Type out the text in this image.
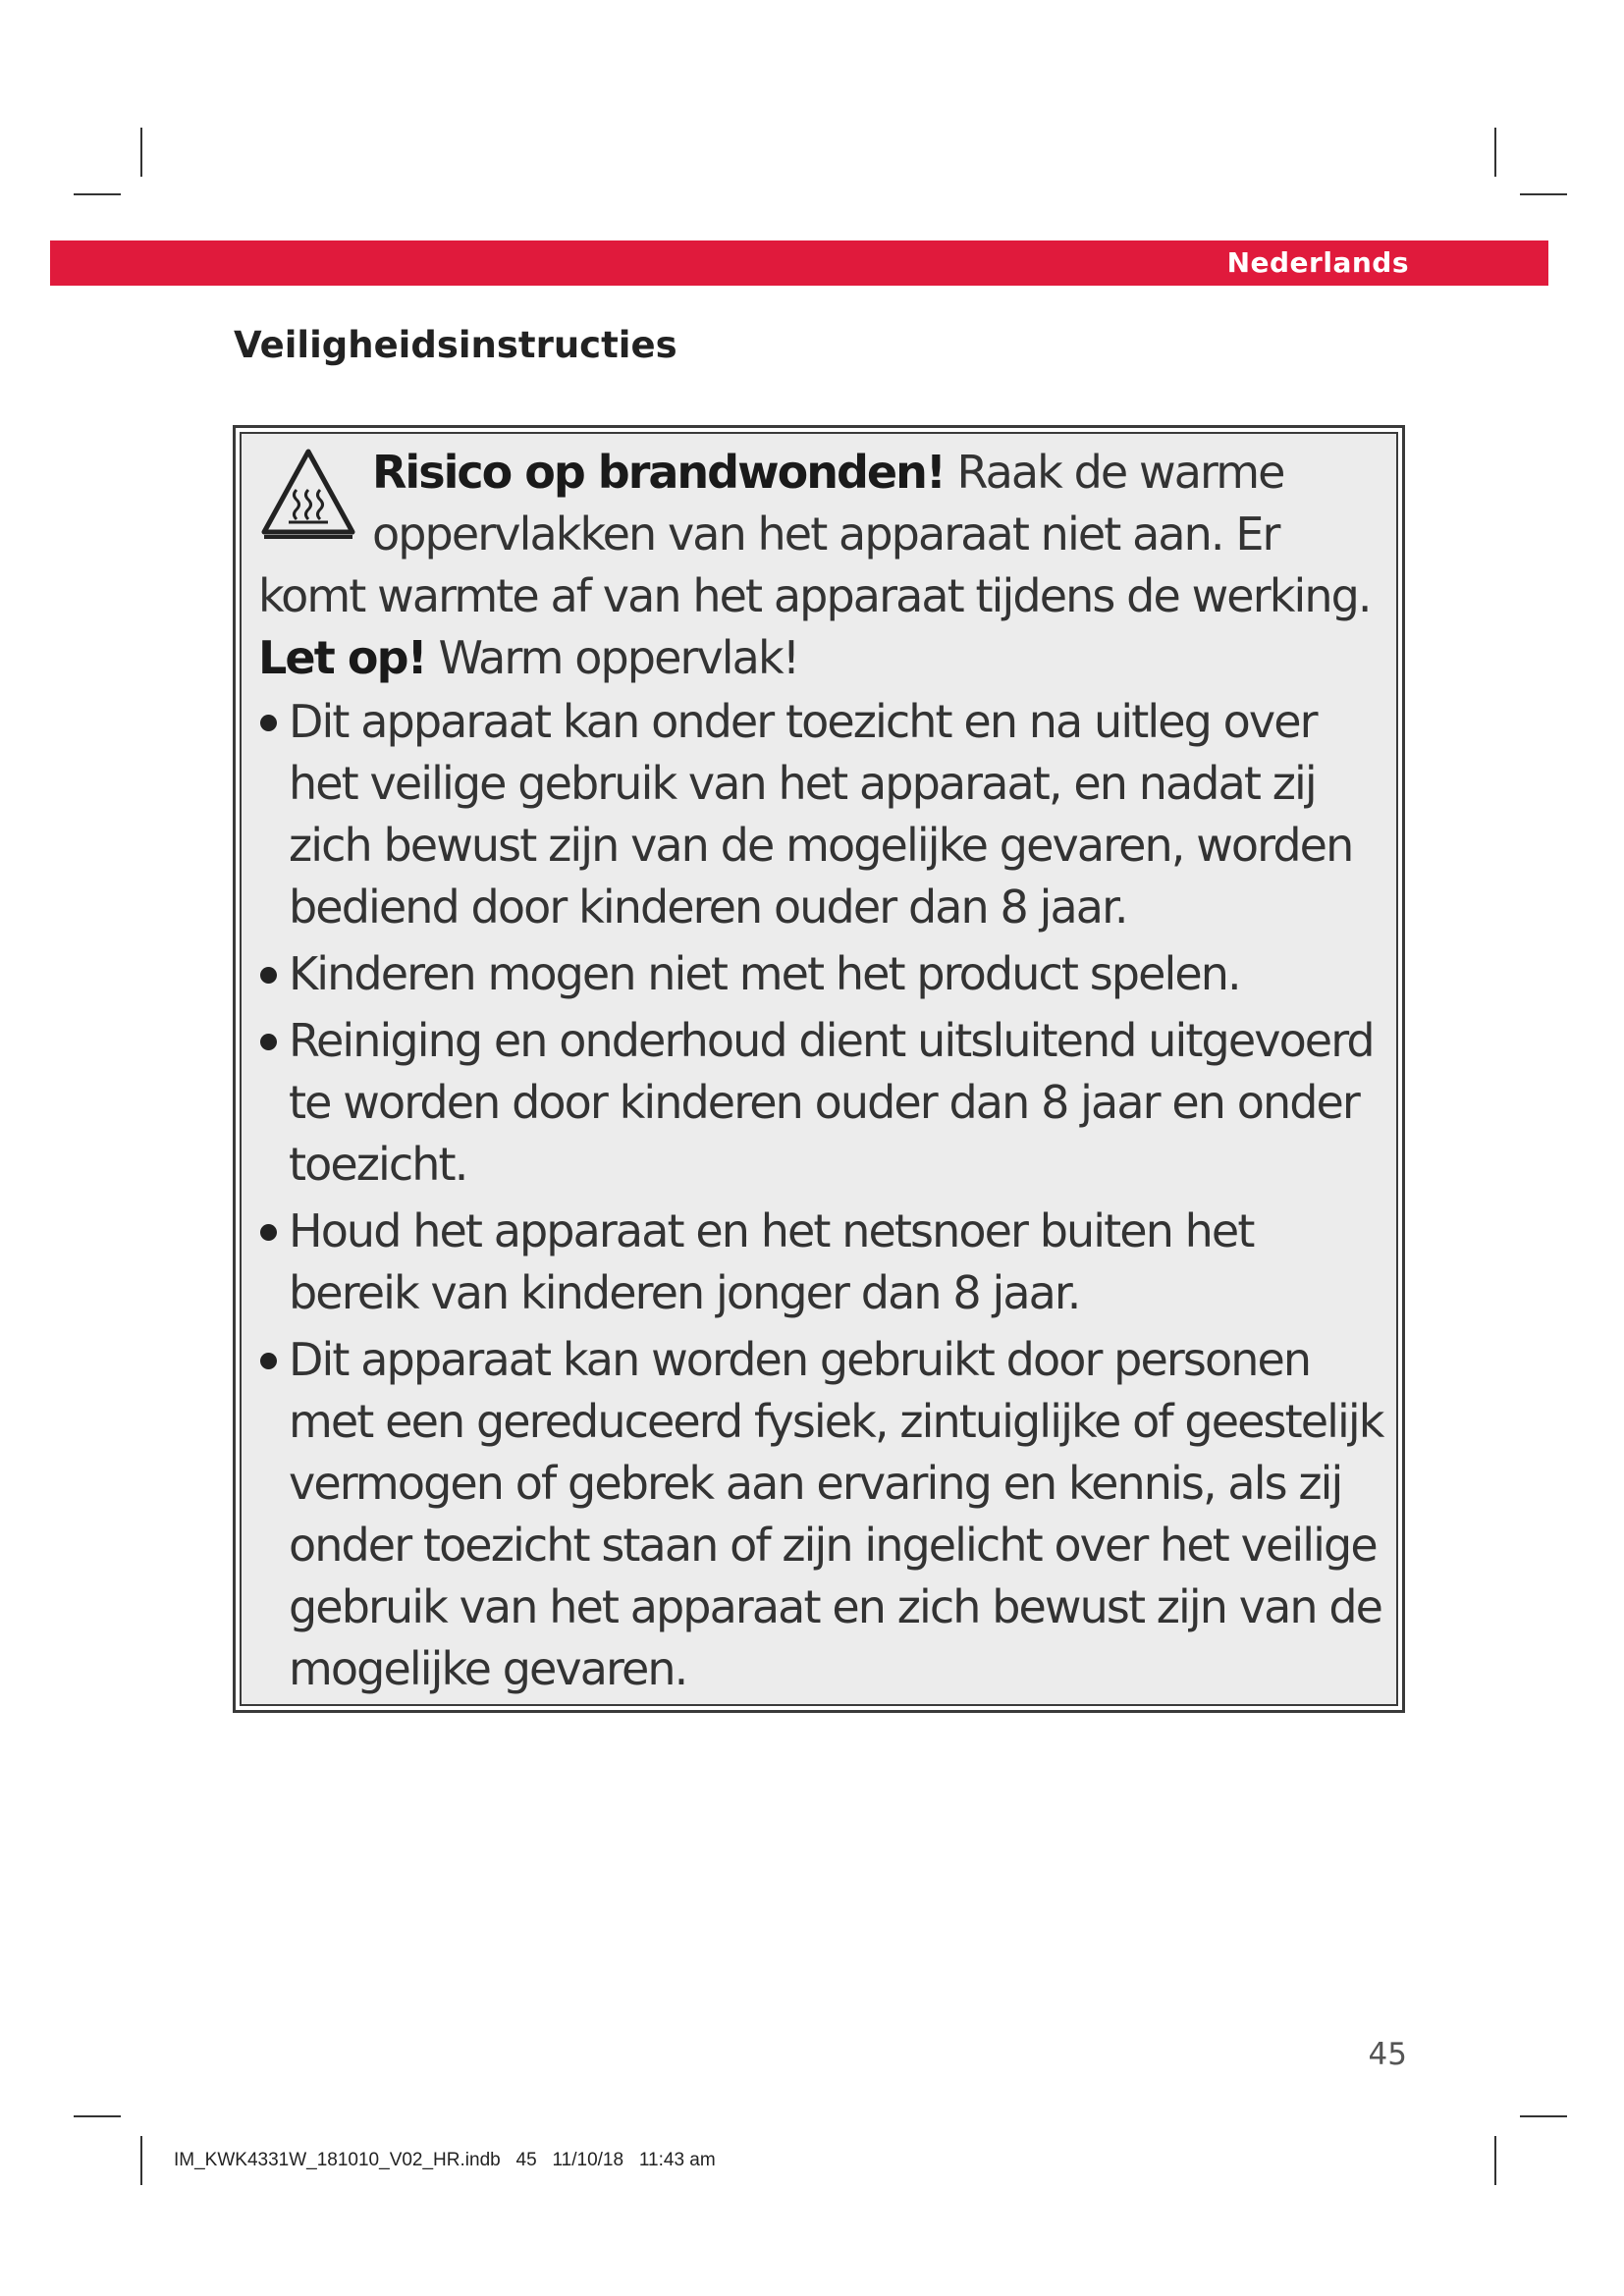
Nederlands
Veiligheidsinstructies

Risico op brandwonden! Raak de warme oppervlakken van het apparaat niet aan. Er komt warmte af van het apparaat tijdens de werking.

Let op! Warm oppervlak!

Dit apparaat kan onder toezicht en na uitleg over het veilige gebruik van het apparaat, en nadat zij zich bewust zijn van de mogelijke gevaren, worden bediend door kinderen ouder dan 8 jaar.
Kinderen mogen niet met het product spelen.
Reiniging en onderhoud dient uitsluitend uitgevoerd te worden door kinderen ouder dan 8 jaar en onder toezicht.
Houd het apparaat en het netsnoer buiten het bereik van kinderen jonger dan 8 jaar.
Dit apparaat kan worden gebruikt door personen met een gereduceerd fysiek, zintuiglijke of geestelijk vermogen of gebrek aan ervaring en kennis, als zij onder toezicht staan of zijn ingelicht over het veilige gebruik van het apparaat en zich bewust zijn van de mogelijke gevaren.
45
IM_KWK4331W_181010_V02_HR.indb   45   11/10/18   11:43 am
